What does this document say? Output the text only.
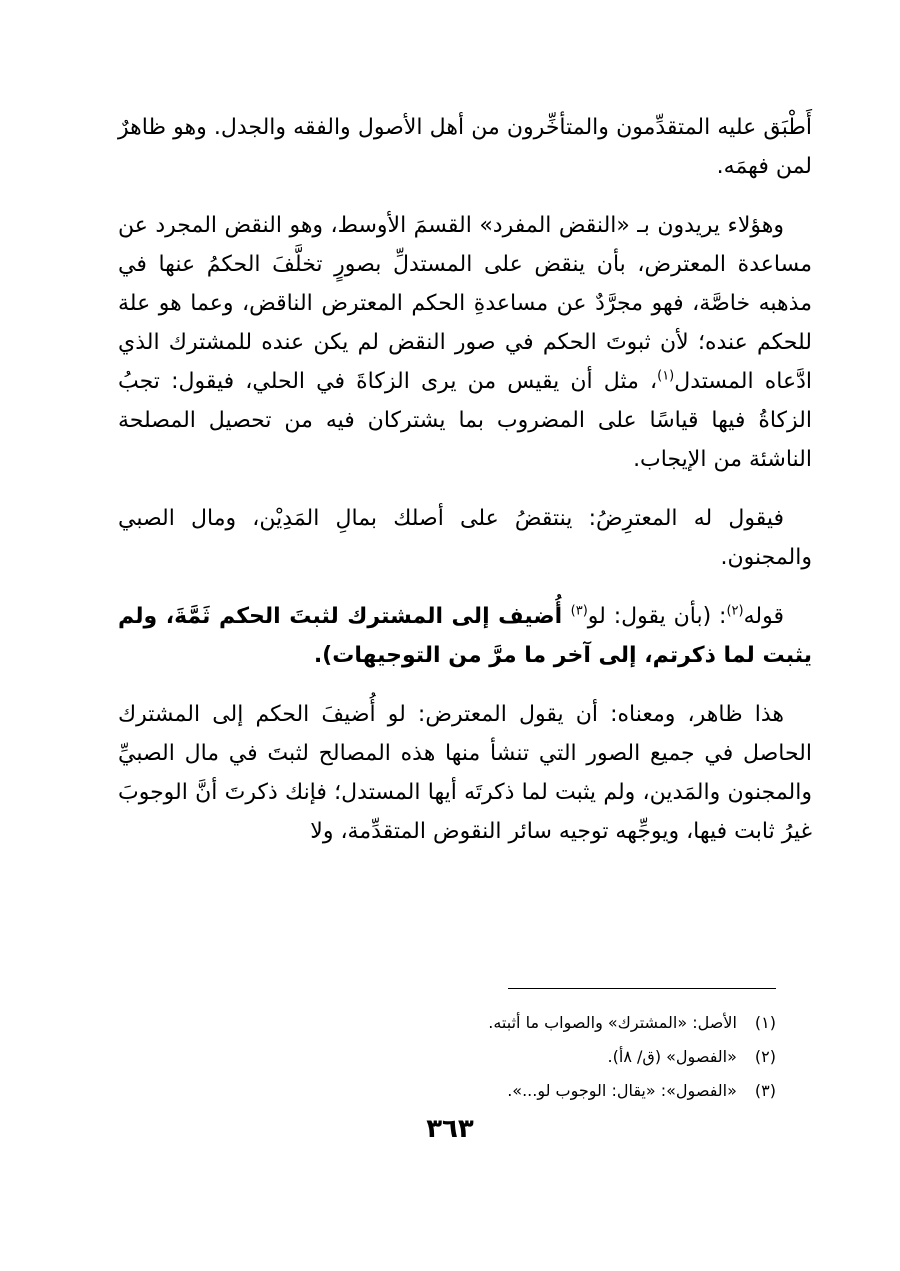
أَطْبَق عليه المتقدِّمون والمتأخِّرون من أهل الأصول والفقه والجدل. وهو ظاهرٌ لمن فهمَه.

وهؤلاء يريدون بـ «النقض المفرد» القسمَ الأوسط، وهو النقض المجرد عن مساعدة المعترض، بأن ينقض على المستدلِّ بصورٍ تخلَّفَ الحكمُ عنها في مذهبه خاصَّة، فهو مجرَّدٌ عن مساعدةِ الحكم المعترض الناقض، وعما هو علة للحكم عنده؛ لأن ثبوتَ الحكم في صور النقض لم يكن عنده للمشترك الذي ادَّعاه المستدل$^{(١)}$، مثل أن يقيس من يرى الزكاةَ في الحلي، فيقول: تجبُ الزكاةُ فيها قياسًا على المضروب بما يشتركان فيه من تحصيل المصلحة الناشئة من الإيجاب.

فيقول له المعترِضُ: ينتقضُ على أصلك بمالِ المَدِيْن، ومال الصبي والمجنون.

قوله$^{(٢)}$: (بأن يقول: لو$^{(٣)}$ أُضيف إلى المشترك لثبتَ الحكم ثَمَّةَ، ولم يثبت لما ذكرتم، إلى آخر ما مرَّ من التوجيهات).

هذا ظاهر، ومعناه: أن يقول المعترض: لو أُضيفَ الحكم إلى المشترك الحاصل في جميع الصور التي تنشأ منها هذه المصالح لثبتَ في مال الصبيِّ والمجنون والمَدين، ولم يثبت لما ذكرتَه أيها المستدل؛ فإنك ذكرتَ أنَّ الوجوبَ غيرُ ثابت فيها، ويوجِّهه توجيه سائر النقوض المتقدِّمة، ولا

(١) الأصل: «المشترك» والصواب ما أثبته.
(٢) «الفصول» (ق/ ٨أ).
(٣) «الفصول»: «يقال: الوجوب لو...».
٣٦٣
